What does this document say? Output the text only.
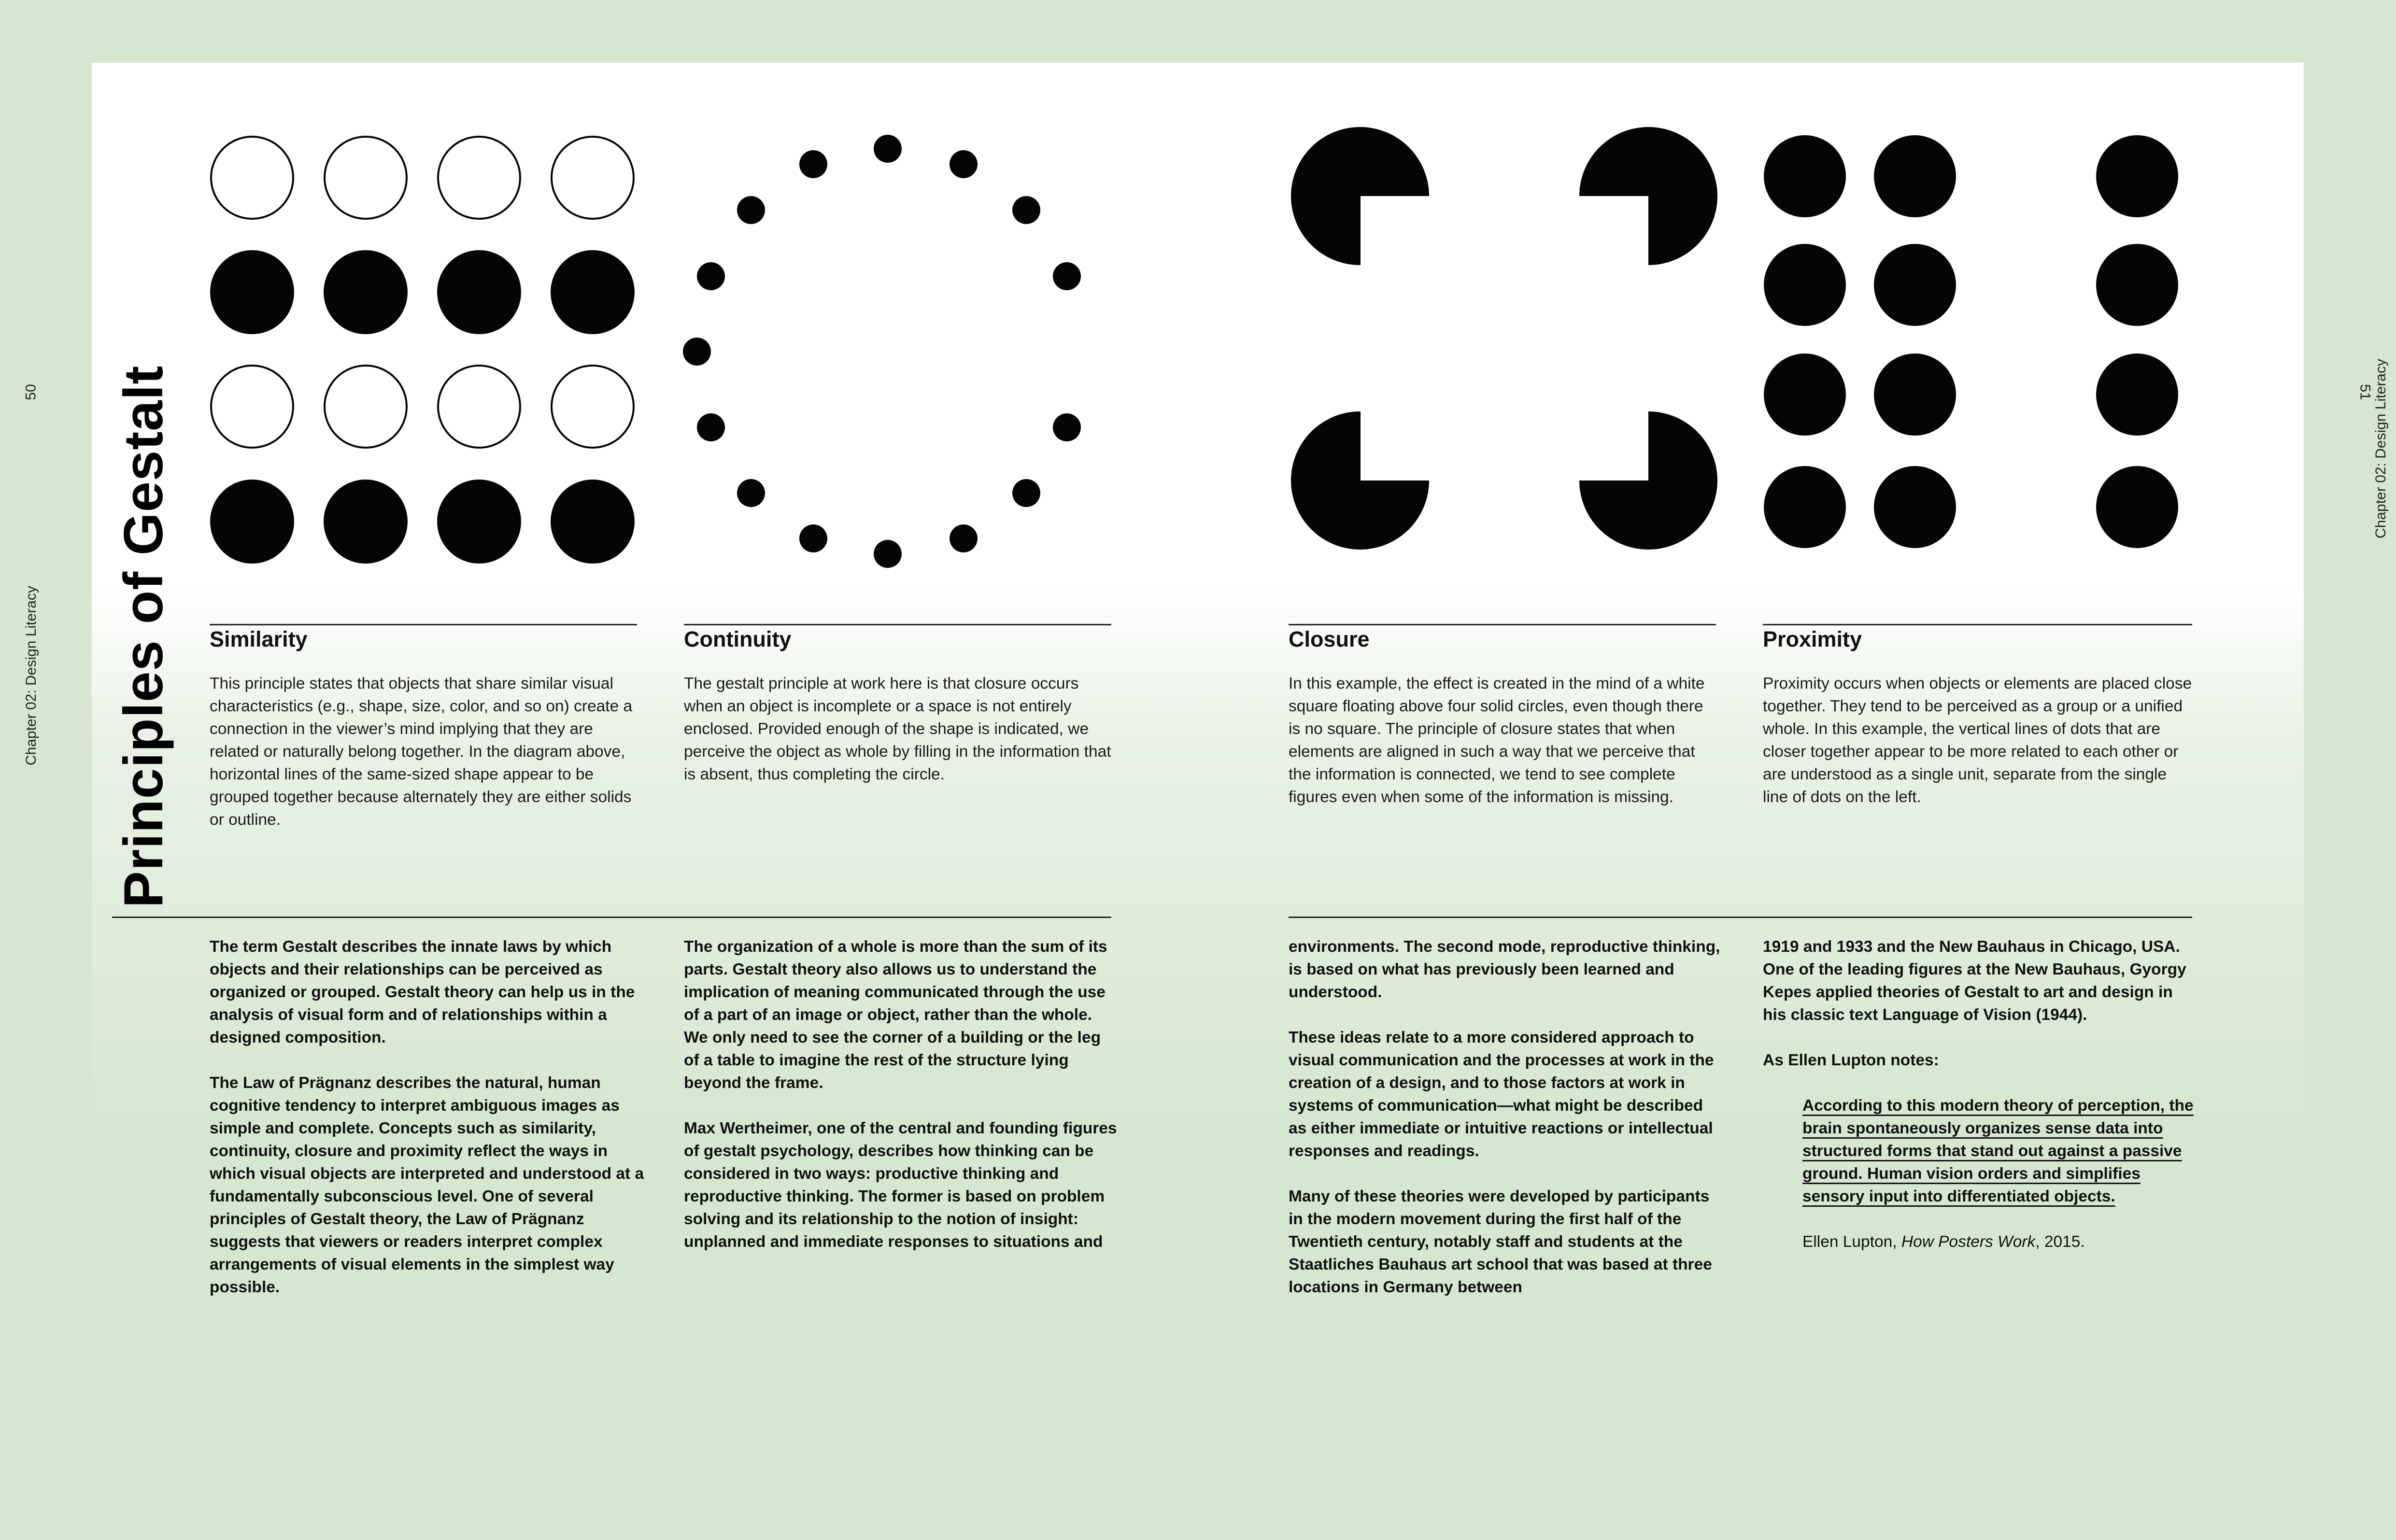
50	51
Chapter 02: Design Literacy
Chapter 02: Design Literacy
Principles of Gestalt Similarity	Continuity	Closure	Proximity

This principle states that objects that share similar visual characteristics (e.g., shape, size, color, and so on) create a connection in the viewer’s mind implying that they are related or naturally belong together. In the diagram above, horizontal lines of the same-sized shape appear to be grouped together because alternately they are either solids or outline.

The gestalt principle at work here is that closure occurs when an object is incomplete or a space is not entirely enclosed. Provided enough of the shape is indicated, we perceive the object as whole by filling in the information that is absent, thus completing the circle.

In this example, the effect is created in the mind of a white square floating above four solid circles, even though there is no square. The principle of closure states that when elements are aligned in such a way that we perceive that the information is connected, we tend to see complete figures even when some of the information is missing.

Proximity occurs when objects or elements are placed close together. They tend to be perceived as a group or a unified whole. In this example, the vertical lines of dots that are closer together appear to be more related to each other or are understood as a single unit, separate from the single line of dots on the left.

The term Gestalt describes the innate laws by which objects and their relationships can be perceived as organized or grouped. Gestalt theory can help us in the analysis of visual form and of relationships within a designed composition.

The Law of Prägnanz describes the natural, human cognitive tendency to interpret ambiguous images as simple and complete. Concepts such as similarity, continuity, closure and proximity reflect the ways in which visual objects are interpreted and understood at a fundamentally subconscious level. One of several principles of Gestalt theory, the Law of Prägnanz suggests that viewers or readers interpret complex arrangements of visual elements in the simplest way possible.

The organization of a whole is more than the sum of its parts. Gestalt theory also allows us to understand the implication of meaning communicated through the use of a part of an image or object, rather than the whole. We only need to see the corner of a building or the leg of a table to imagine the rest of the structure lying beyond the frame.

Max Wertheimer, one of the central and founding figures of gestalt psychology, describes how thinking can be considered in two ways: productive thinking and reproductive thinking. The former is based on problem solving and its relationship to the notion of insight: unplanned and immediate responses to situations and

environments. The second mode, reproductive thinking, is based on what has previously been learned and understood.

These ideas relate to a more considered approach to visual communication and the processes at work in the creation of a design, and to those factors at work in systems of communication—what might be described as either immediate or intuitive reactions or intellectual responses and readings.

Many of these theories were developed by participants in the modern movement during the first half of the Twentieth century, notably staff and students at the Staatliches Bauhaus art school that was based at three locations in Germany between

1919 and 1933 and the New Bauhaus in Chicago, USA. One of the leading figures at the New Bauhaus, Gyorgy Kepes applied theories of Gestalt to art and design in his classic text Language of Vision (1944).

As Ellen Lupton notes:

According to this modern theory of perception, the brain spontaneously organizes sense data into structured forms that stand out against a passive ground. Human vision orders and simplifies sensory input into differentiated objects.

Ellen Lupton, How Posters Work, 2015.
